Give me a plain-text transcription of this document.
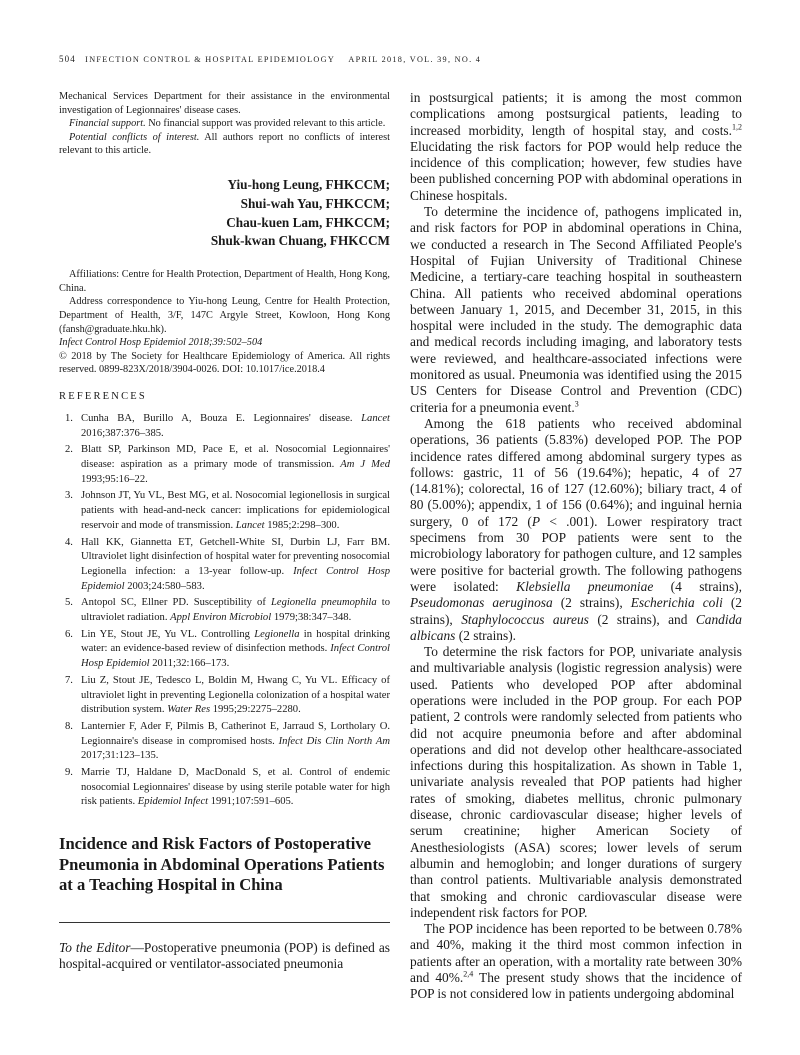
504 INFECTION CONTROL & HOSPITAL EPIDEMIOLOGY APRIL 2018, VOL. 39, NO. 4

Mechanical Services Department for their assistance in the environmental investigation of Legionnaires' disease cases.

Financial support. No financial support was provided relevant to this article.

Potential conflicts of interest. All authors report no conflicts of interest relevant to this article.

Yiu-hong Leung, FHKCCM;
Shui-wah Yau, FHKCCM;
Chau-kuen Lam, FHKCCM;
Shuk-kwan Chuang, FHKCCM

Affiliations: Centre for Health Protection, Department of Health, Hong Kong, China.

Address correspondence to Yiu-hong Leung, Centre for Health Protection, Department of Health, 3/F, 147C Argyle Street, Kowloon, Hong Kong (fansh@graduate.hku.hk).

Infect Control Hosp Epidemiol 2018;39:502–504

© 2018 by The Society for Healthcare Epidemiology of America. All rights reserved. 0899-823X/2018/3904-0026. DOI: 10.1017/ice.2018.4

REFERENCES
1. Cunha BA, Burillo A, Bouza E. Legionnaires' disease. Lancet 2016;387:376–385.
2. Blatt SP, Parkinson MD, Pace E, et al. Nosocomial Legionnaires' disease: aspiration as a primary mode of transmission. Am J Med 1993;95:16–22.
3. Johnson JT, Yu VL, Best MG, et al. Nosocomial legionellosis in surgical patients with head-and-neck cancer: implications for epidemiological reservoir and mode of transmission. Lancet 1985;2:298–300.
4. Hall KK, Giannetta ET, Getchell-White SI, Durbin LJ, Farr BM. Ultraviolet light disinfection of hospital water for preventing nosocomial Legionella infection: a 13-year follow-up. Infect Control Hosp Epidemiol 2003;24:580–583.
5. Antopol SC, Ellner PD. Susceptibility of Legionella pneumophila to ultraviolet radiation. Appl Environ Microbiol 1979;38:347–348.
6. Lin YE, Stout JE, Yu VL. Controlling Legionella in hospital drinking water: an evidence-based review of disinfection methods. Infect Control Hosp Epidemiol 2011;32:166–173.
7. Liu Z, Stout JE, Tedesco L, Boldin M, Hwang C, Yu VL. Efficacy of ultraviolet light in preventing Legionella colonization of a hospital water distribution system. Water Res 1995;29:2275–2280.
8. Lanternier F, Ader F, Pilmis B, Catherinot E, Jarraud S, Lortholary O. Legionnaire's disease in compromised hosts. Infect Dis Clin North Am 2017;31:123–135.
9. Marrie TJ, Haldane D, MacDonald S, et al. Control of endemic nosocomial Legionnaires' disease by using sterile potable water for high risk patients. Epidemiol Infect 1991;107:591–605.
Incidence and Risk Factors of Postoperative Pneumonia in Abdominal Operations Patients at a Teaching Hospital in China

To the Editor—Postoperative pneumonia (POP) is defined as hospital-acquired or ventilator-associated pneumonia

in postsurgical patients; it is among the most common complications among postsurgical patients, leading to increased morbidity, length of hospital stay, and costs.$^{1,2}$ Elucidating the risk factors for POP would help reduce the incidence of this complication; however, few studies have been published concerning POP with abdominal operations in Chinese hospitals.

To determine the incidence of, pathogens implicated in, and risk factors for POP in abdominal operations in China, we conducted a research in The Second Affiliated People's Hospital of Fujian University of Traditional Chinese Medicine, a tertiary-care teaching hospital in southeastern China. All patients who received abdominal operations between January 1, 2015, and December 31, 2015, in this hospital were included in the study. The demographic data and medical records including imaging, and laboratory tests were reviewed, and healthcare-associated infections were monitored as usual. Pneumonia was identified using the 2015 US Centers for Disease Control and Prevention (CDC) criteria for a pneumonia event.$^3$

Among the 618 patients who received abdominal operations, 36 patients (5.83%) developed POP. The POP incidence rates differed among abdominal surgery types as follows: gastric, 11 of 56 (19.64%); hepatic, 4 of 27 (14.81%); colorectal, 16 of 127 (12.60%); biliary tract, 4 of 80 (5.00%); appendix, 1 of 156 (0.64%); and inguinal hernia surgery, 0 of 172 (P < .001). Lower respiratory tract specimens from 30 POP patients were sent to the microbiology laboratory for pathogen culture, and 12 samples were positive for bacterial growth. The following pathogens were isolated: Klebsiella pneumoniae (4 strains), Pseudomonas aeruginosa (2 strains), Escherichia coli (2 strains), Staphylococcus aureus (2 strains), and Candida albicans (2 strains).

To determine the risk factors for POP, univariate analysis and multivariable analysis (logistic regression analysis) were used. Patients who developed POP after abdominal operations were included in the POP group. For each POP patient, 2 controls were randomly selected from patients who did not acquire pneumonia before and after abdominal operations and did not develop other healthcare-associated infections during this hospitalization. As shown in Table 1, univariate analysis revealed that POP patients had higher rates of smoking, diabetes mellitus, chronic pulmonary disease, chronic cardiovascular disease; higher levels of serum creatinine; higher American Society of Anesthesiologists (ASA) scores; lower levels of serum albumin and hemoglobin; and longer durations of surgery than control patients. Multivariable analysis demonstrated that smoking and chronic cardiovascular disease were independent risk factors for POP.

The POP incidence has been reported to be between 0.78% and 40%, making it the third most common infection in patients after an operation, with a mortality rate between 30% and 40%.$^{2,4}$ The present study shows that the incidence of POP is not considered low in patients undergoing abdominal
